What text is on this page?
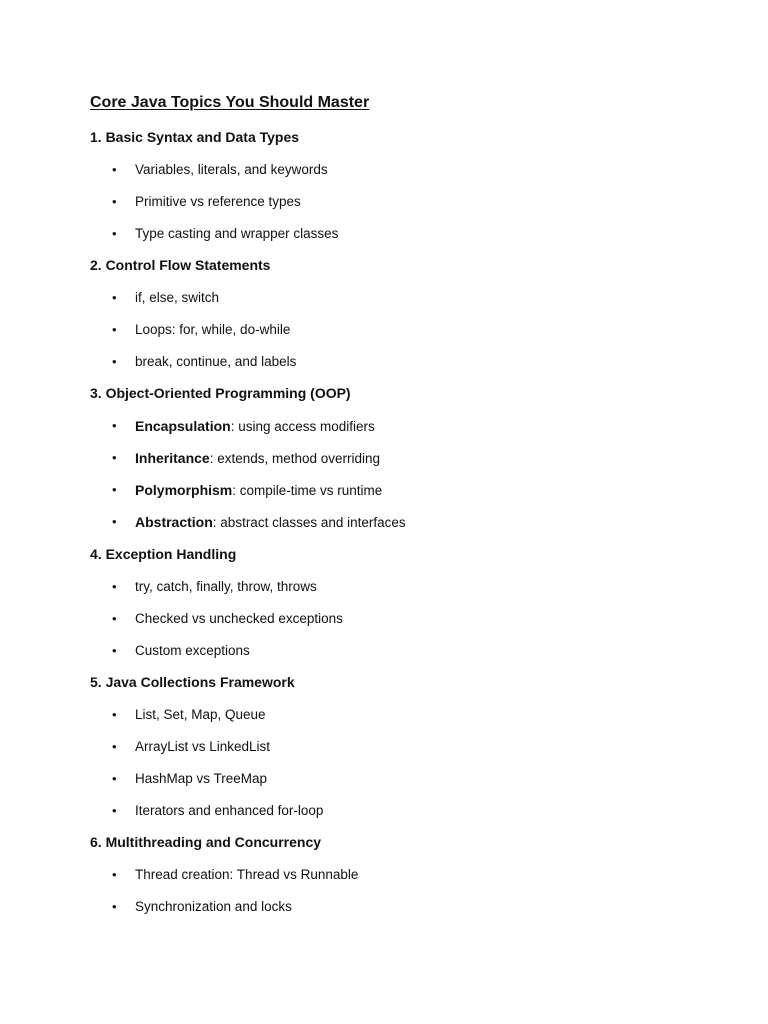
Core Java Topics You Should Master
1. Basic Syntax and Data Types
• Variables, literals, and keywords
• Primitive vs reference types
• Type casting and wrapper classes
2. Control Flow Statements
• if, else, switch
• Loops: for, while, do-while
• break, continue, and labels
3. Object-Oriented Programming (OOP)
• Encapsulation: using access modifiers
• Inheritance: extends, method overriding
• Polymorphism: compile-time vs runtime
• Abstraction: abstract classes and interfaces
4. Exception Handling
• try, catch, finally, throw, throws
• Checked vs unchecked exceptions
• Custom exceptions
5. Java Collections Framework
• List, Set, Map, Queue
• ArrayList vs LinkedList
• HashMap vs TreeMap
• Iterators and enhanced for-loop
6. Multithreading and Concurrency
• Thread creation: Thread vs Runnable
• Synchronization and locks
